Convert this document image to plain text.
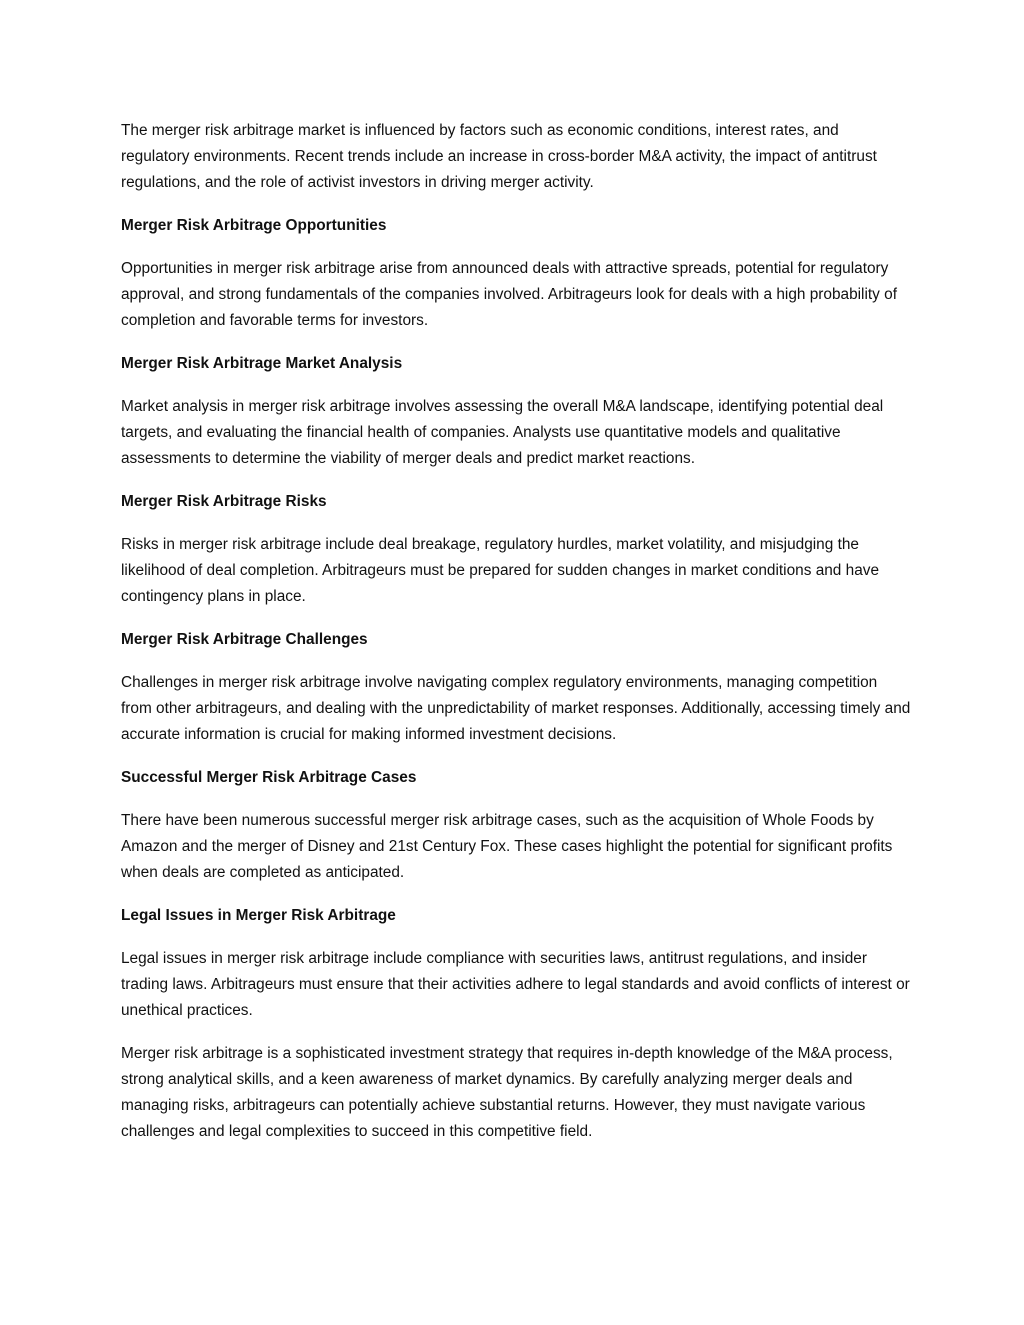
The merger risk arbitrage market is influenced by factors such as economic conditions, interest rates, and regulatory environments. Recent trends include an increase in cross-border M&A activity, the impact of antitrust regulations, and the role of activist investors in driving merger activity.

Merger Risk Arbitrage Opportunities

Opportunities in merger risk arbitrage arise from announced deals with attractive spreads, potential for regulatory approval, and strong fundamentals of the companies involved. Arbitrageurs look for deals with a high probability of completion and favorable terms for investors.

Merger Risk Arbitrage Market Analysis

Market analysis in merger risk arbitrage involves assessing the overall M&A landscape, identifying potential deal targets, and evaluating the financial health of companies. Analysts use quantitative models and qualitative assessments to determine the viability of merger deals and predict market reactions.

Merger Risk Arbitrage Risks

Risks in merger risk arbitrage include deal breakage, regulatory hurdles, market volatility, and misjudging the likelihood of deal completion. Arbitrageurs must be prepared for sudden changes in market conditions and have contingency plans in place.

Merger Risk Arbitrage Challenges

Challenges in merger risk arbitrage involve navigating complex regulatory environments, managing competition from other arbitrageurs, and dealing with the unpredictability of market responses. Additionally, accessing timely and accurate information is crucial for making informed investment decisions.

Successful Merger Risk Arbitrage Cases

There have been numerous successful merger risk arbitrage cases, such as the acquisition of Whole Foods by Amazon and the merger of Disney and 21st Century Fox. These cases highlight the potential for significant profits when deals are completed as anticipated.

Legal Issues in Merger Risk Arbitrage

Legal issues in merger risk arbitrage include compliance with securities laws, antitrust regulations, and insider trading laws. Arbitrageurs must ensure that their activities adhere to legal standards and avoid conflicts of interest or unethical practices.

Merger risk arbitrage is a sophisticated investment strategy that requires in-depth knowledge of the M&A process, strong analytical skills, and a keen awareness of market dynamics. By carefully analyzing merger deals and managing risks, arbitrageurs can potentially achieve substantial returns. However, they must navigate various challenges and legal complexities to succeed in this competitive field.
